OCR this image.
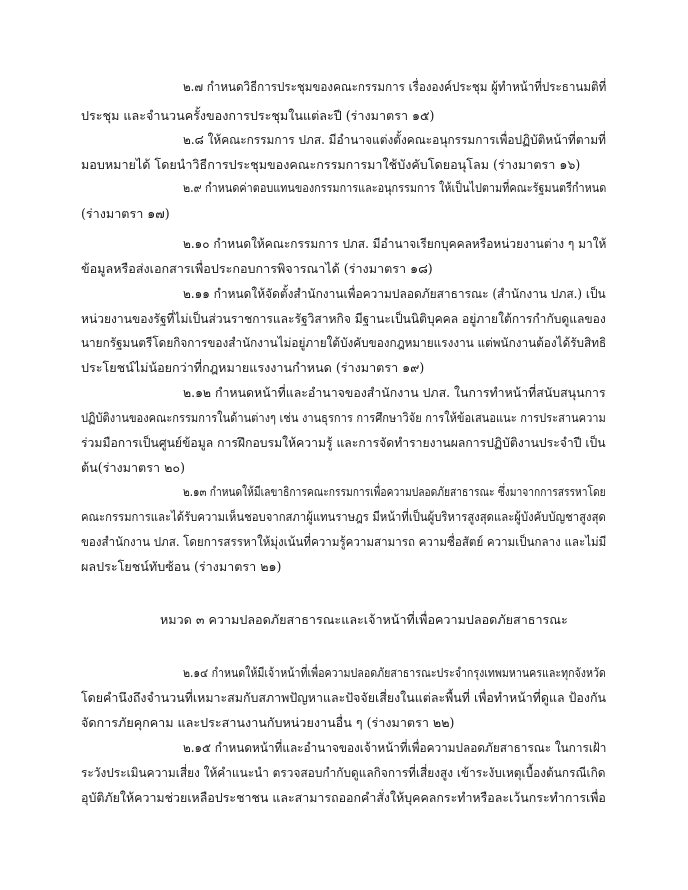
๒.๗ กำหนดวิธีการประชุมของคณะกรรมการ เรื่ององค์ประชุม ผู้ทำหน้าที่ประธานมติที่
ประชุม และจำนวนครั้งของการประชุมในแต่ละปี (ร่างมาตรา ๑๕)
๒.๘ ให้คณะกรรมการ ปภส. มีอำนาจแต่งตั้งคณะอนุกรรมการเพื่อปฏิบัติหน้าที่ตามที่
มอบหมายได้ โดยนำวิธีการประชุมของคณะกรรมการมาใช้บังคับโดยอนุโลม (ร่างมาตรา ๑๖)
๒.๙ กำหนดค่าตอบแทนของกรรมการและอนุกรรมการ ให้เป็นไปตามที่คณะรัฐมนตรีกำหนด
(ร่างมาตรา ๑๗)
๒.๑๐ กำหนดให้คณะกรรมการ ปภส. มีอำนาจเรียกบุคคลหรือหน่วยงานต่าง ๆ มาให้
ข้อมูลหรือส่งเอกสารเพื่อประกอบการพิจารณาได้ (ร่างมาตรา ๑๘)
๒.๑๑ กำหนดให้จัดตั้งสำนักงานเพื่อความปลอดภัยสาธารณะ (สำนักงาน ปภส.) เป็น
หน่วยงานของรัฐที่ไม่เป็นส่วนราชการและรัฐวิสาหกิจ มีฐานะเป็นนิติบุคคล อยู่ภายใต้การกำกับดูแลของ
นายกรัฐมนตรีโดยกิจการของสำนักงานไม่อยู่ภายใต้บังคับของกฎหมายแรงงาน แต่พนักงานต้องได้รับสิทธิ
ประโยชน์ไม่น้อยกว่าที่กฎหมายแรงงานกำหนด (ร่างมาตรา ๑๙)
๒.๑๒ กำหนดหน้าที่และอำนาจของสำนักงาน ปภส. ในการทำหน้าที่สนับสนุนการ
ปฏิบัติงานของคณะกรรมการในด้านต่างๆ เช่น งานธุรการ การศึกษาวิจัย การให้ข้อเสนอแนะ การประสานความ
ร่วมมือการเป็นศูนย์ข้อมูล การฝึกอบรมให้ความรู้ และการจัดทำรายงานผลการปฏิบัติงานประจำปี เป็น
ต้น(ร่างมาตรา ๒๐)
๒.๑๓ กำหนดให้มีเลขาธิการคณะกรรมการเพื่อความปลอดภัยสาธารณะ ซึ่งมาจากการสรรหาโดย
คณะกรรมการและได้รับความเห็นชอบจากสภาผู้แทนราษฎร มีหน้าที่เป็นผู้บริหารสูงสุดและผู้บังคับบัญชาสูงสุด
ของสำนักงาน ปภส. โดยการสรรหาให้มุ่งเน้นที่ความรู้ความสามารถ ความซื่อสัตย์ ความเป็นกลาง และไม่มี
ผลประโยชน์ทับซ้อน (ร่างมาตรา ๒๑)
หมวด ๓ ความปลอดภัยสาธารณะและเจ้าหน้าที่เพื่อความปลอดภัยสาธารณะ
๒.๑๔ กำหนดให้มีเจ้าหน้าที่เพื่อความปลอดภัยสาธารณะประจำกรุงเทพมหานครและทุกจังหวัด
โดยคำนึงถึงจำนวนที่เหมาะสมกับสภาพปัญหาและปัจจัยเสี่ยงในแต่ละพื้นที่ เพื่อทำหน้าที่ดูแล ป้องกัน
จัดการภัยคุกคาม และประสานงานกับหน่วยงานอื่น ๆ (ร่างมาตรา ๒๒)
๒.๑๕ กำหนดหน้าที่และอำนาจของเจ้าหน้าที่เพื่อความปลอดภัยสาธารณะ ในการเฝ้า
ระวังประเมินความเสี่ยง ให้คำแนะนำ ตรวจสอบกำกับดูแลกิจการที่เสี่ยงสูง เข้าระงับเหตุเบื้องต้นกรณีเกิด
อุบัติภัยให้ความช่วยเหลือประชาชน และสามารถออกคำสั่งให้บุคคลกระทำหรือละเว้นกระทำการเพื่อ
